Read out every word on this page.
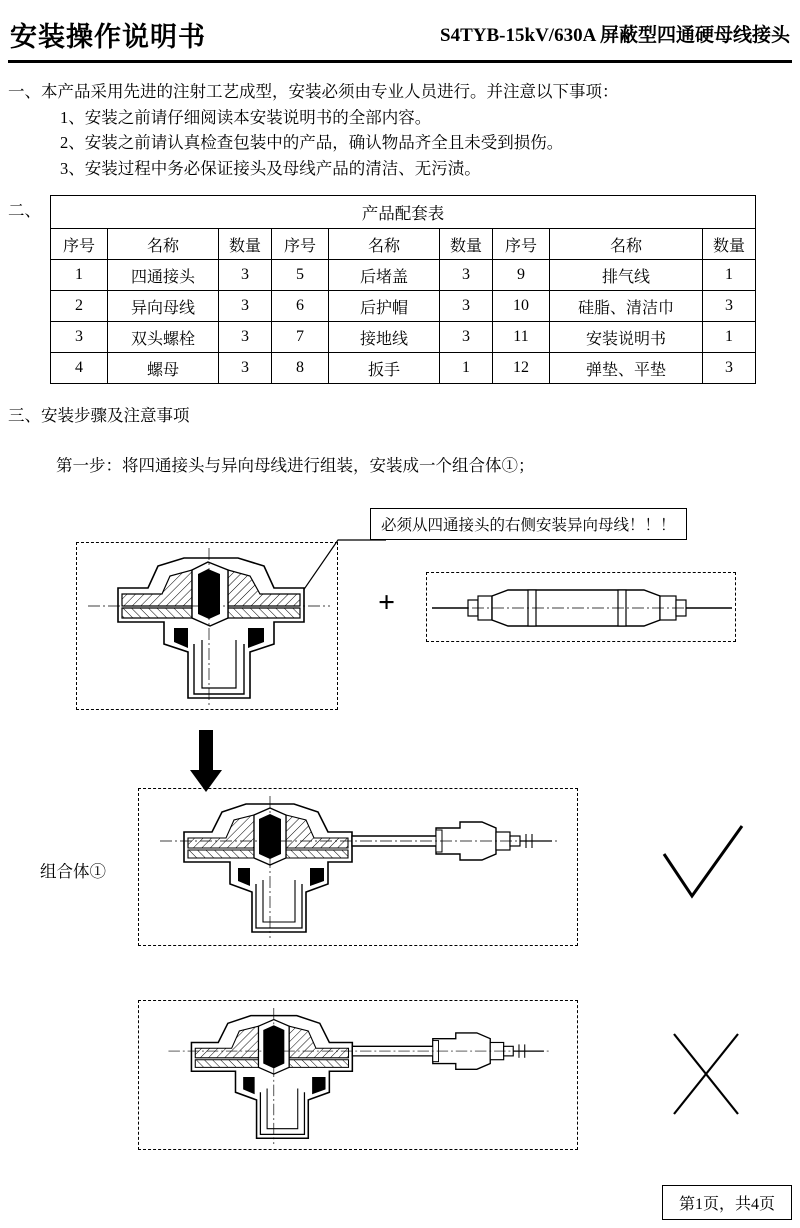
安装操作说明书	S4TYB-15kV/630A 屏蔽型四通硬母线接头
一、本产品采用先进的注射工艺成型，安装必须由专业人员进行。并注意以下事项：
1、安装之前请仔细阅读本安装说明书的全部内容。
2、安装之前请认真检查包装中的产品，确认物品齐全且未受到损伤。
3、安装过程中务必保证接头及母线产品的清洁、无污渍。
二、	产品配套表								
序号	名称	数量	序号	名称	数量	序号	名称	数量
1	四通接头	3	5	后堵盖	3	9	排气线	1
2	异向母线	3	6	后护帽	3	10	硅脂、清洁巾	3
3	双头螺栓	3	7	接地线	3	11	安装说明书	1
4	螺母	3	8	扳手	1	12	弹垫、平垫	3
三、安装步骤及注意事项
第一步：将四通接头与异向母线进行组装，安装成一个组合体①；
必须从四通接头的右侧安装异向母线！！！
+
组合体①
第1页，共4页
